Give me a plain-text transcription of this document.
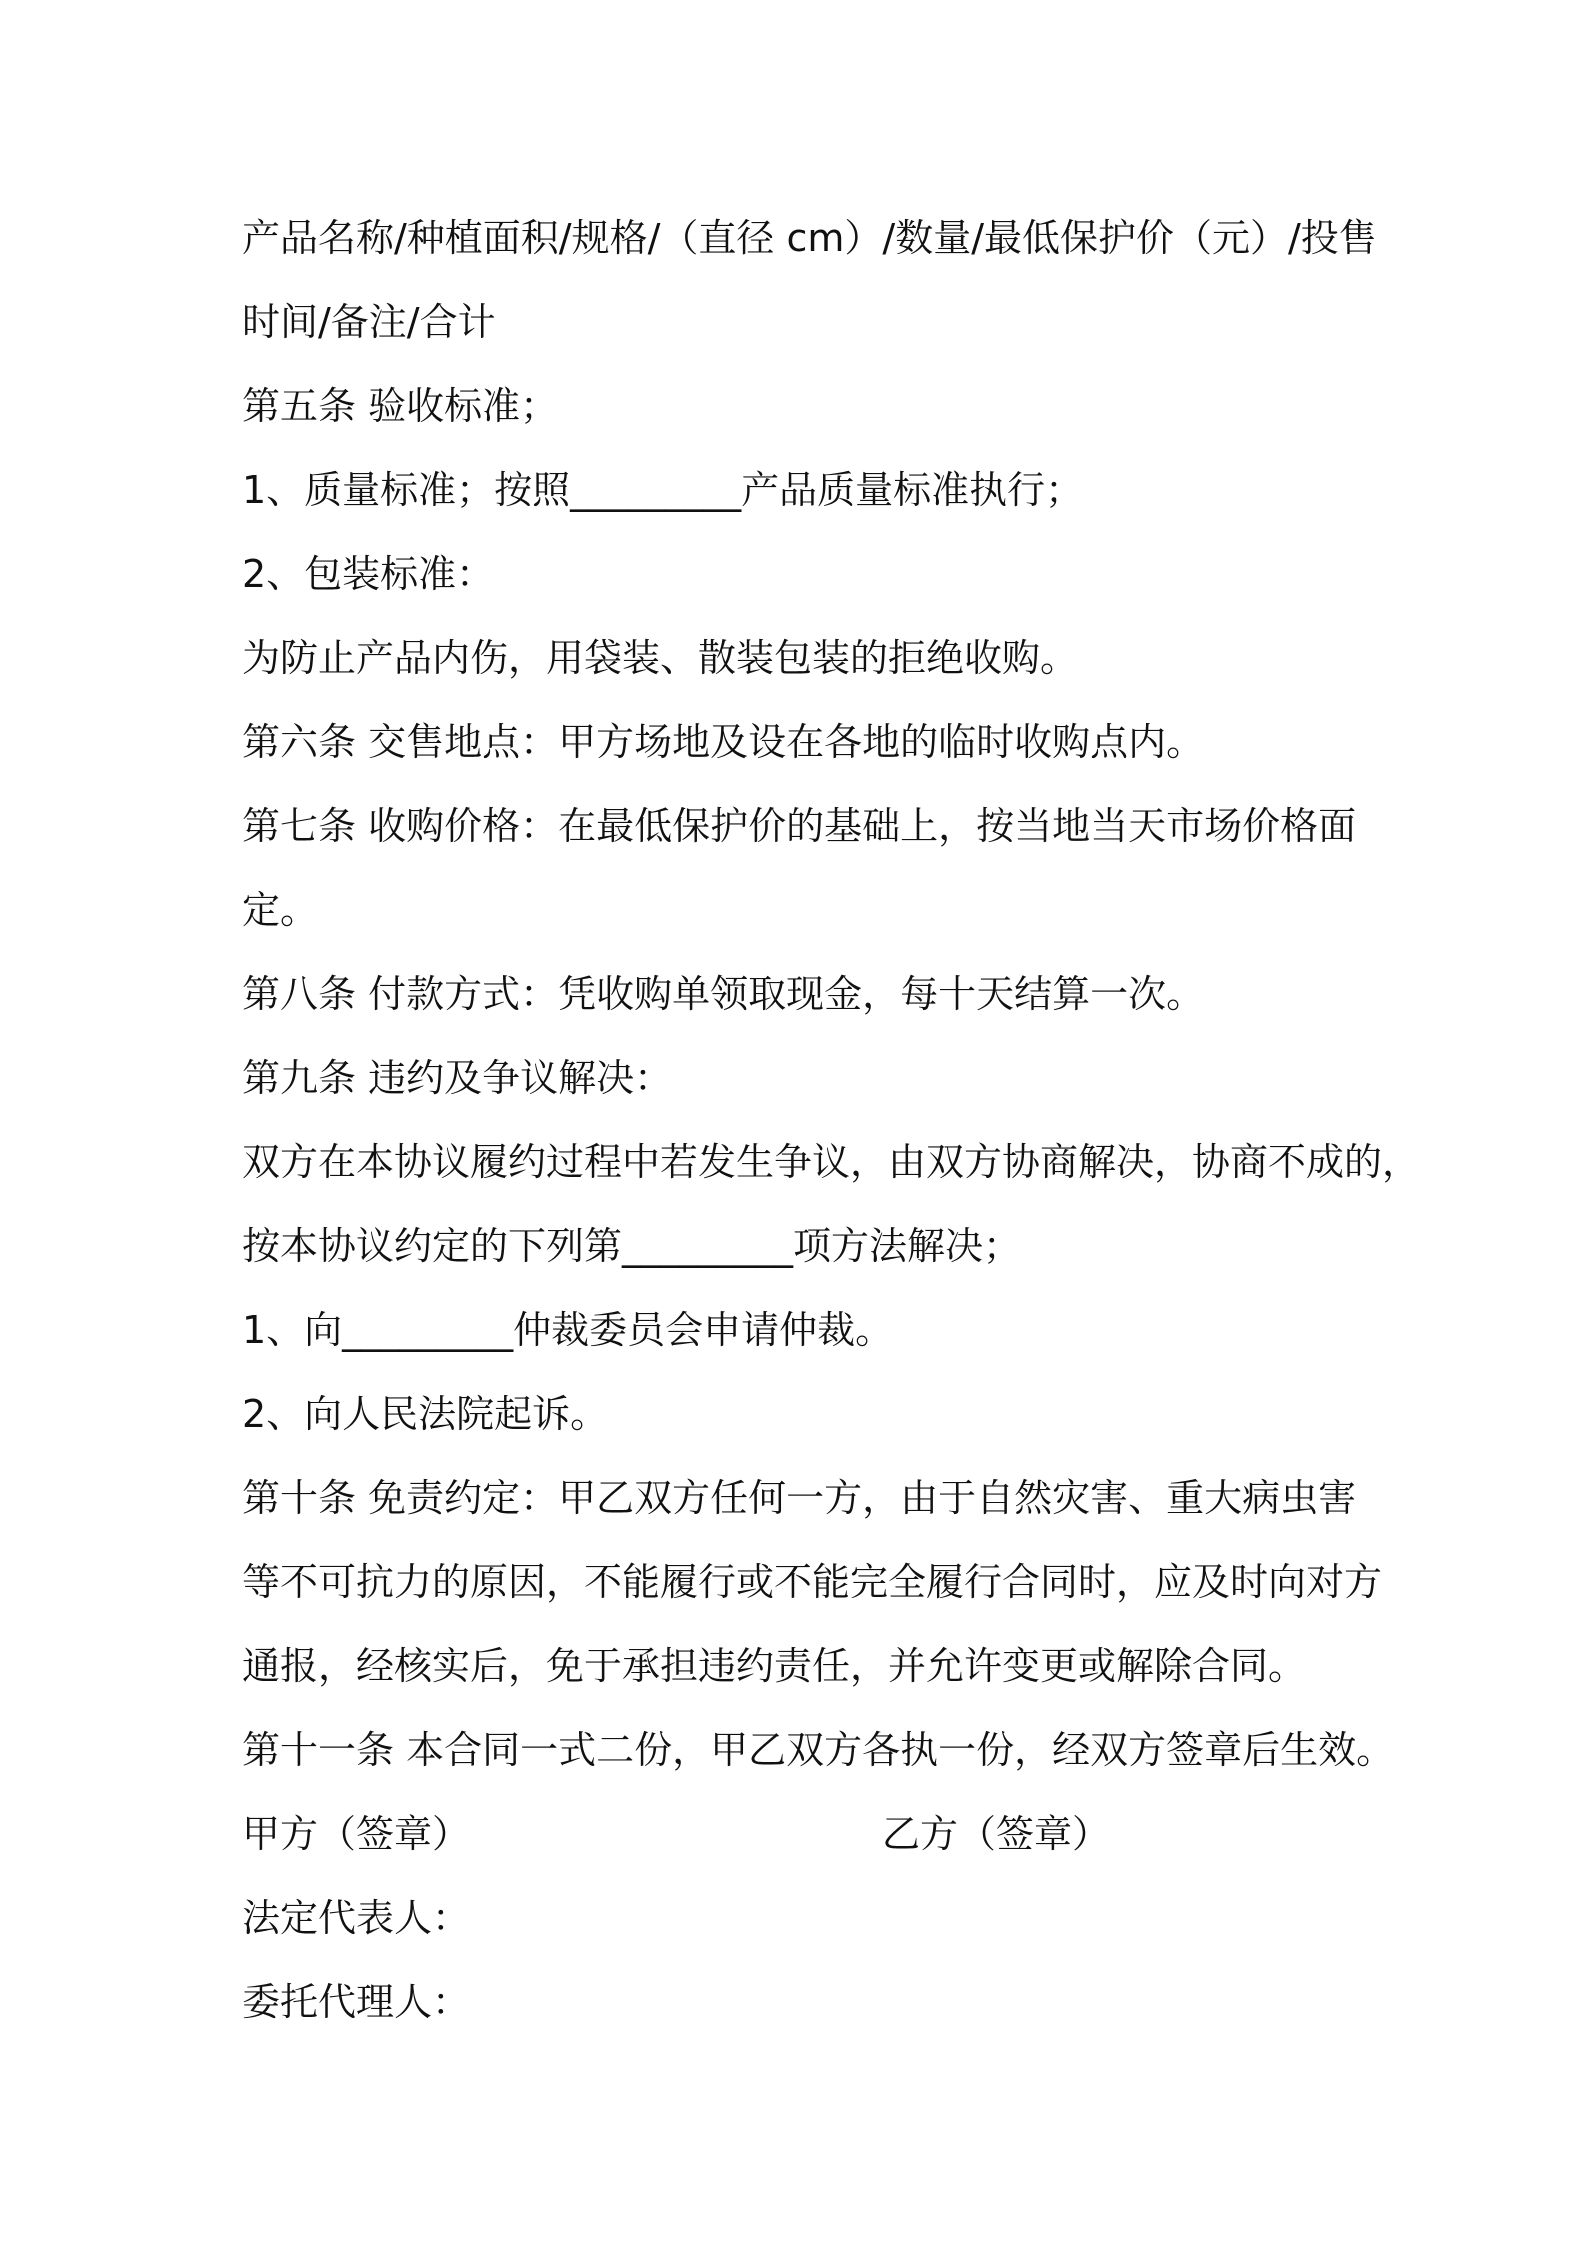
产品名称/种植面积/规格/（直径 cm）/数量/最低保护价（元）/投售
时间/备注/合计
第五条 验收标准；
1、质量标准；按照_________产品质量标准执行；
2、包装标准：
为防止产品内伤，用袋装、散装包装的拒绝收购。
第六条 交售地点：甲方场地及设在各地的临时收购点内。
第七条 收购价格：在最低保护价的基础上，按当地当天市场价格面
定。
第八条 付款方式：凭收购单领取现金，每十天结算一次。
第九条 违约及争议解决：
双方在本协议履约过程中若发生争议，由双方协商解决，协商不成的，
按本协议约定的下列第_________项方法解决；
1、向_________仲裁委员会申请仲裁。
2、向人民法院起诉。
第十条 免责约定：甲乙双方任何一方，由于自然灾害、重大病虫害
等不可抗力的原因，不能履行或不能完全履行合同时，应及时向对方
通报，经核实后，免于承担违约责任，并允许变更或解除合同。
第十一条 本合同一式二份，甲乙双方各执一份，经双方签章后生效。
甲方（签章）	乙方（签章）
法定代表人：
委托代理人：
